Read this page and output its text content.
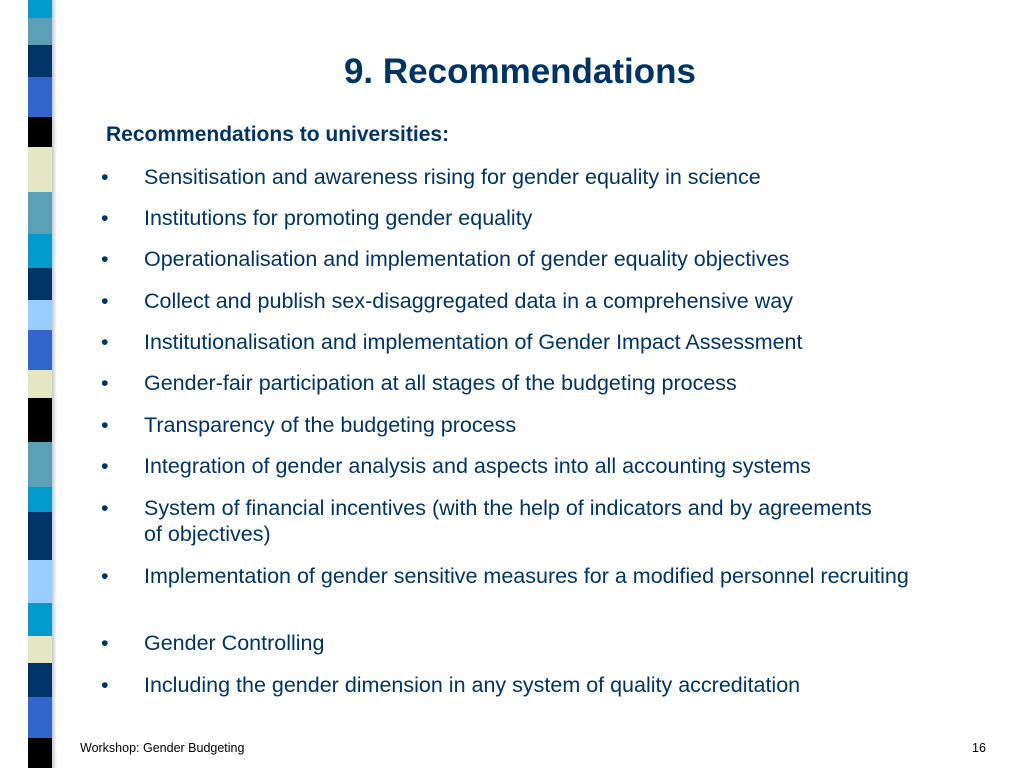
9. Recommendations

Recommendations to universities:

• Sensitisation and awareness rising for gender equality in science
• Institutions for promoting gender equality
• Operationalisation and implementation of gender equality objectives
• Collect and publish sex-disaggregated data in a comprehensive way
• Institutionalisation and implementation of Gender Impact Assessment
• Gender-fair participation at all stages of the budgeting process
• Transparency of the budgeting process
• Integration of gender analysis and aspects into all accounting systems
• System of financial incentives (with the help of indicators and by agreements of objectives)
• Implementation of gender sensitive measures for a modified personnel recruiting
• Gender Controlling
• Including the gender dimension in any system of quality accreditation
Workshop: Gender Budgeting	16
